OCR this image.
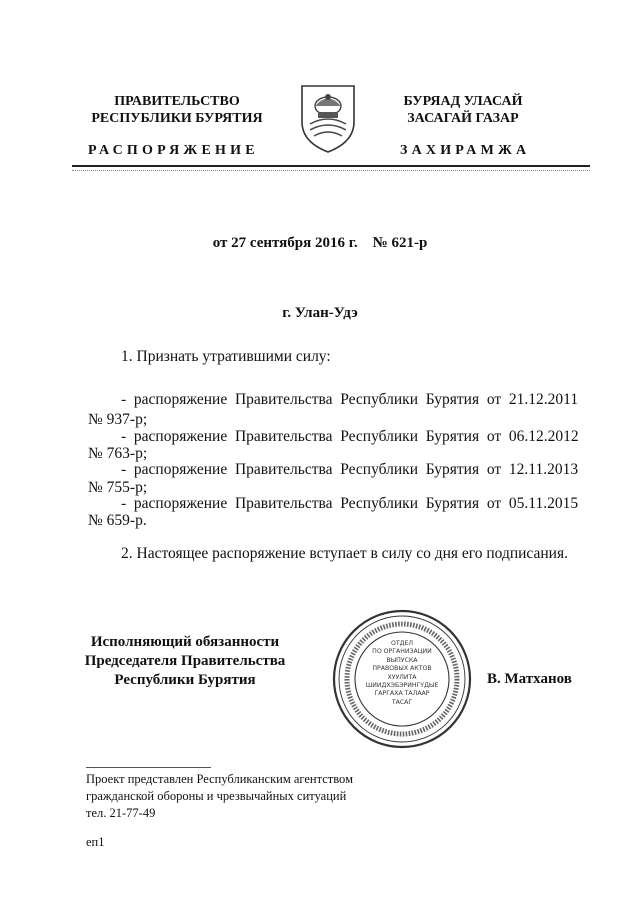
ПРАВИТЕЛЬСТВО
РЕСПУБЛИКИ БУРЯТИЯ
БУРЯАД УЛАСАЙ
ЗАСАГАЙ ГАЗАР
РАСПОРЯЖЕНИЕ	ЗАХИРАМЖА
от 27 сентября 2016 г.    № 621-р
г. Улан-Удэ
1. Признать утратившими силу:
-  распоряжение  Правительства  Республики  Бурятия  от  21.12.2011
№ 937-р;
-  распоряжение  Правительства  Республики  Бурятия  от  06.12.2012
№ 763-р;
-  распоряжение  Правительства  Республики  Бурятия  от  12.11.2013
№ 755-р;
-  распоряжение  Правительства  Республики  Бурятия  от  05.11.2015
№ 659-р.
2. Настоящее распоряжение вступает в силу со дня его подписания.
Исполняющий обязанности
Председателя Правительства
Республики Бурятия
ОТДЕЛ
ПО ОРГАНИЗАЦИИ
ВЫПУСКА
ПРАВОВЫХ АКТОВ
ХУУЛИТА
ШИИДХЭБЭРИНГҮДЫЕ
ГАРГАХА ТАЛААР
ТАСАГ
В. Матханов
Проект представлен Республиканским агентством
гражданской обороны и чрезвычайных ситуаций
тел. 21-77-49
еп1
